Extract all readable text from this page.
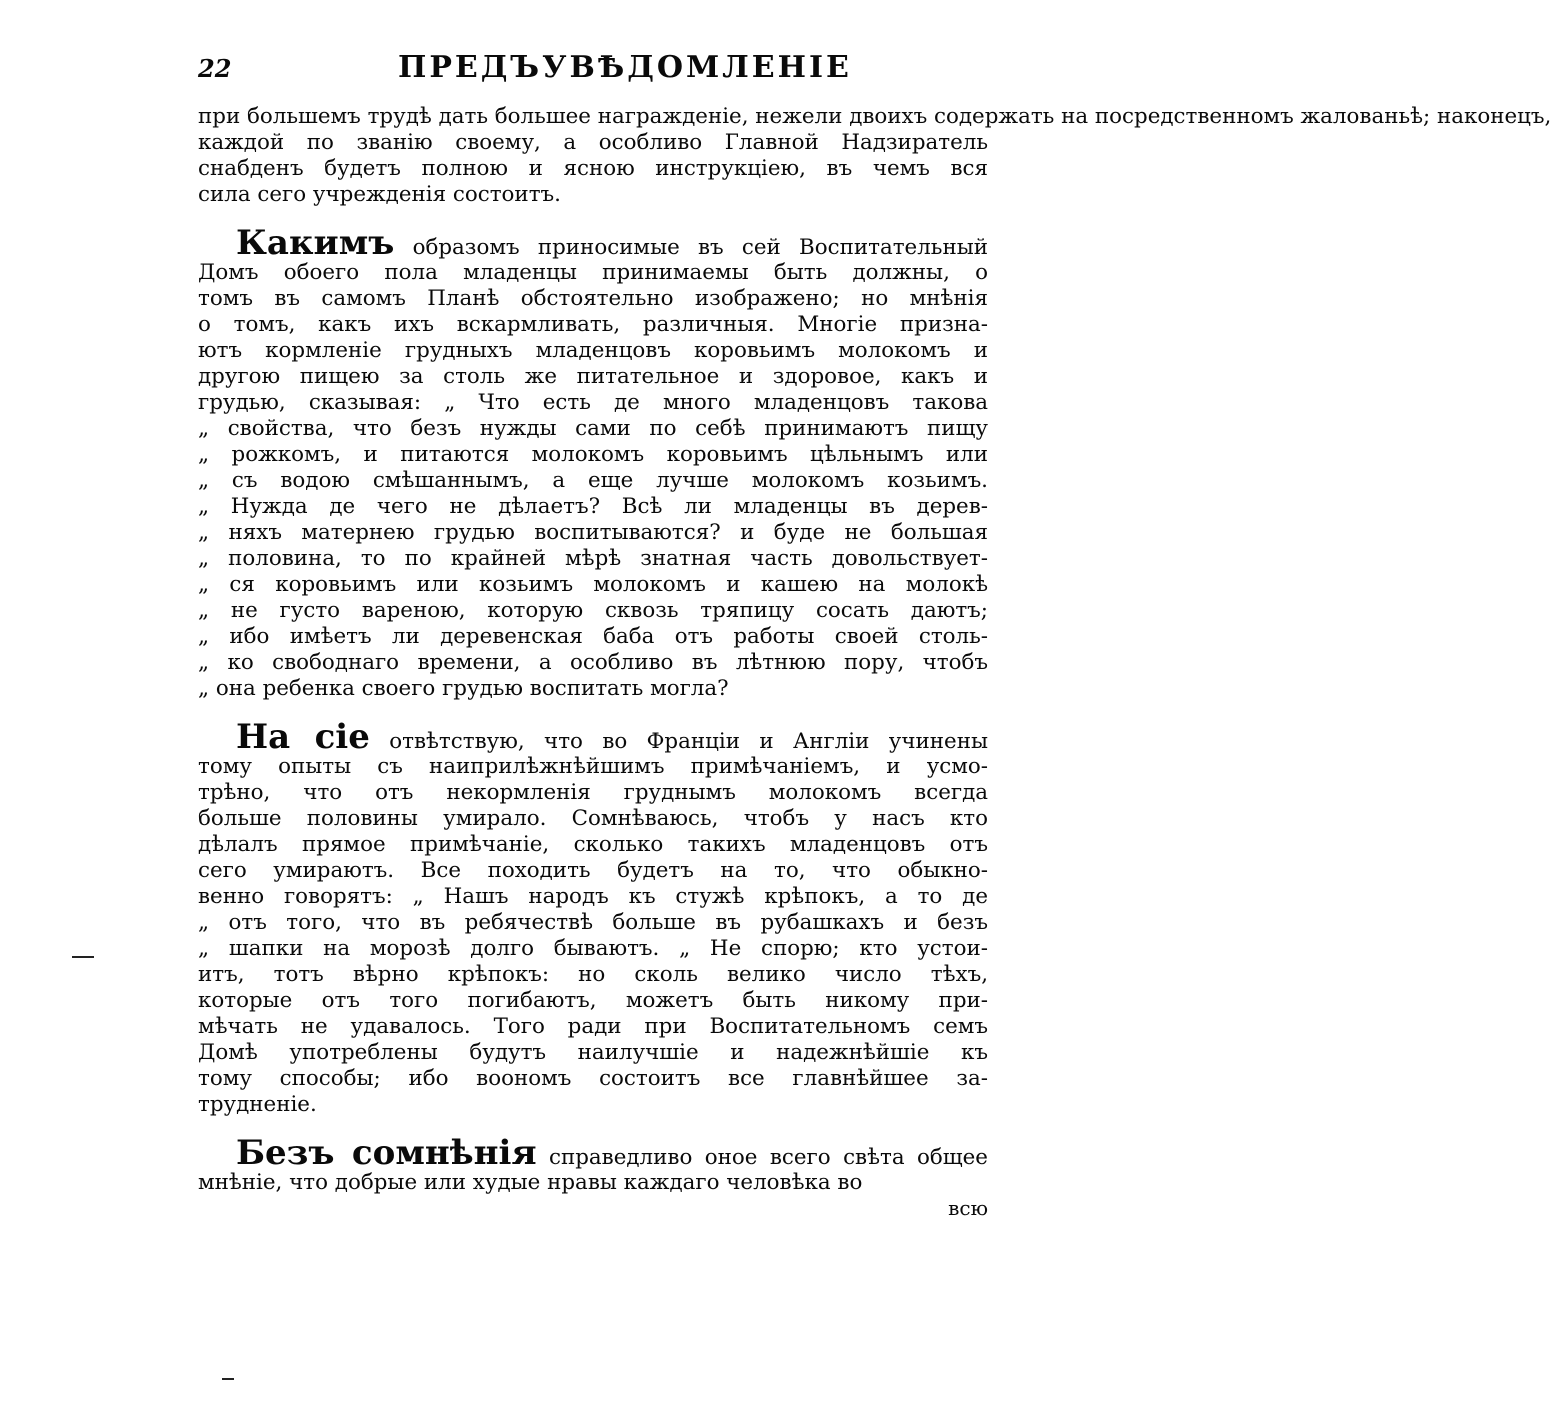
22	ПРЕДЪУВѢДОМЛЕНІЕ
при большемъ трудѣ дать большее награжденіе, нежели двоихъ содержать на посредственномъ жалованьѣ; наконецъ,
каждой по званію своему, а особливо Главной Надзиратель
снабденъ будетъ полною и ясною инструкціею, въ чемъ вся
сила сего учрежденія состоитъ.
Какимъ образомъ приносимые въ сей Воспитательный
Домъ обоего пола младенцы принимаемы быть должны, о
томъ въ самомъ Планѣ обстоятельно изображено; но мнѣнія
о томъ, какъ ихъ вскармливать, различныя. Многіе призна-
ютъ кормленіе грудныхъ младенцовъ коровьимъ молокомъ и
другою пищею за столь же питательное и здоровое, какъ и
грудью, сказывая: „ Что есть де много младенцовъ такова
„ свойства, что безъ нужды сами по себѣ принимаютъ пищу
„ рожкомъ, и питаются молокомъ коровьимъ цѣльнымъ или
„ съ водою смѣшаннымъ, а еще лучше молокомъ козьимъ.
„ Нужда де чего не дѣлаетъ? Всѣ ли младенцы въ дерев-
„ няхъ матернею грудью воспитываются? и буде не большая
„ половина, то по крайней мѣрѣ знатная часть довольствует-
„ ся коровьимъ или козьимъ молокомъ и кашею на молокѣ
„ не густо вареною, которую сквозь тряпицу сосать даютъ;
„ ибо имѣетъ ли деревенская баба отъ работы своей столь-
„ ко свободнаго времени, а особливо въ лѣтнюю пору, чтобъ
„ она ребенка своего грудью воспитать могла?
На сіе отвѣтствую, что во Франціи и Англіи учинены
тому опыты съ наиприлѣжнѣйшимъ примѣчаніемъ, и усмо-
трѣно, что отъ некормленія груднымъ молокомъ всегда
больше половины умирало. Сомнѣваюсь, чтобъ у насъ кто
дѣлалъ прямое примѣчаніе, сколько такихъ младенцовъ отъ
сего умираютъ. Все походить будетъ на то, что обыкно-
венно говорятъ: „ Нашъ народъ къ стужѣ крѣпокъ, а то де
„ отъ того, что въ ребячествѣ больше въ рубашкахъ и безъ
„ шапки на морозѣ долго бываютъ. „ Не спорю; кто устои-
итъ, тотъ вѣрно крѣпокъ: но сколь велико число тѣхъ,
которые отъ того погибаютъ, можетъ быть никому при-
мѣчать не удавалось. Того ради при Воспитательномъ семъ
Домѣ употреблены будутъ наилучшіе и надежнѣйшіе къ
тому способы; ибо воономъ состоитъ все главнѣйшее за-
трудненіе.
Безъ сомнѣнія справедливо оное всего свѣта общее
мнѣніе, что добрые или худые нравы каждаго человѣка во
всю
